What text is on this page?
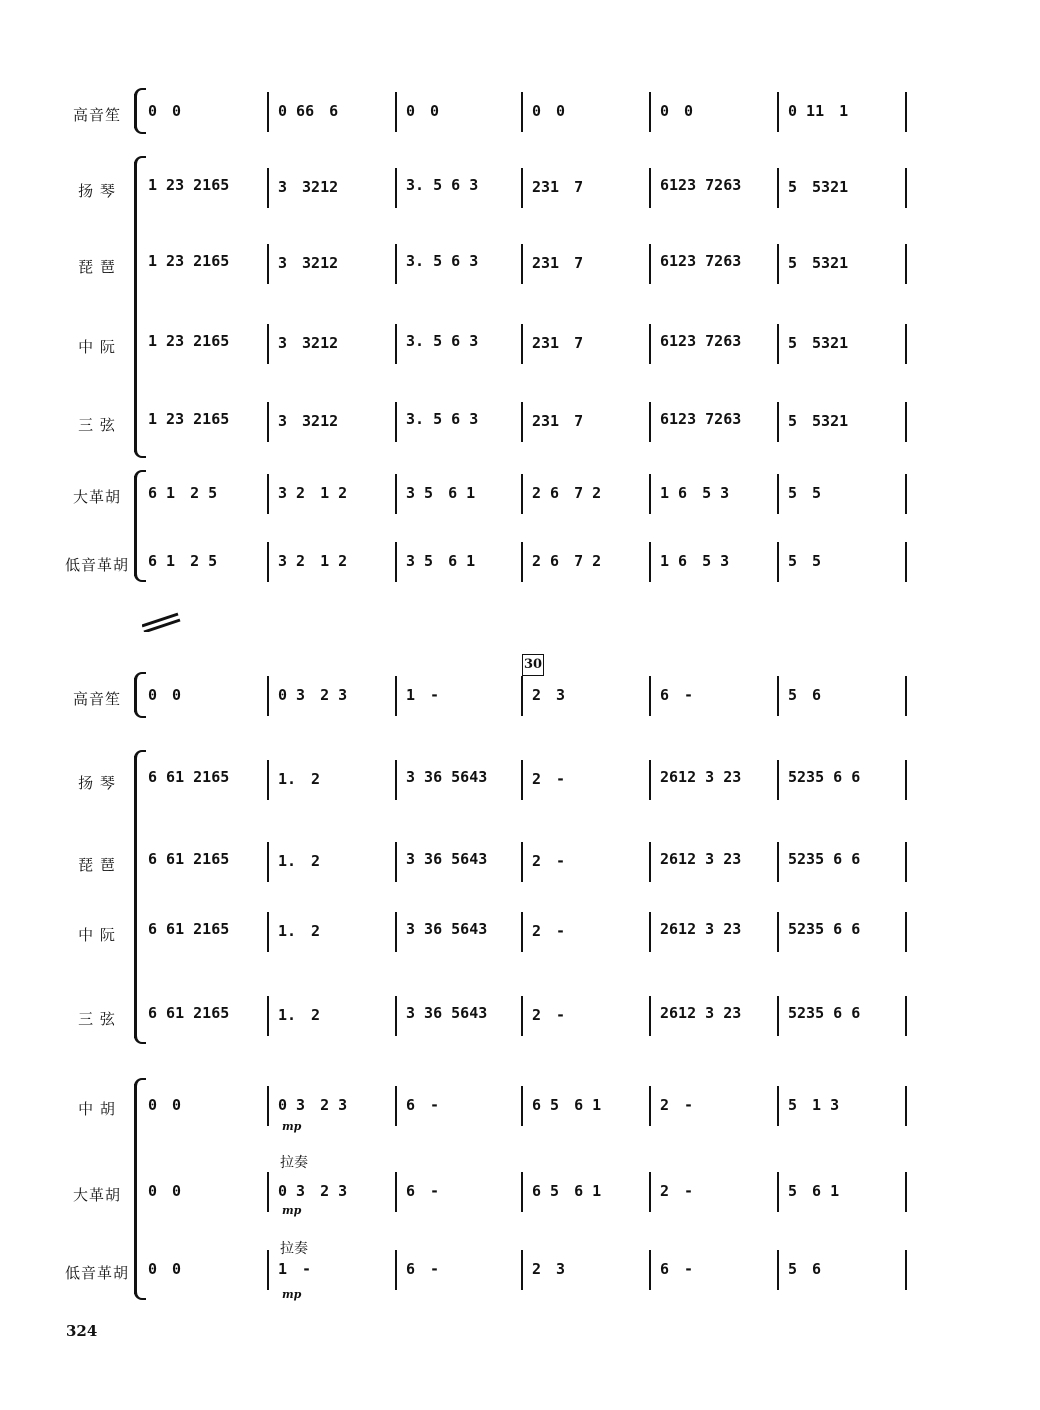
高音笙	0　0	0 66　6	0　0	0　0	0　0	0 11　1
扬 琴	1 23 2165	3　3212	3. 5 6 3	231　7	6123 7263	5　5321
琵 琶	1 23 2165	3　3212	3. 5 6 3	231　7	6123 7263	5　5321
中 阮	1 23 2165	3　3212	3. 5 6 3	231　7	6123 7263	5　5321
三 弦	1 23 2165	3　3212	3. 5 6 3	231　7	6123 7263	5　5321
大革胡	6 1　2 5	3 2　1 2	3 5　6 1	2 6　7 2	1 6　5 3	5　5
低音革胡 6 1　2 5	3 2　1 2	3 5　6 1	2 6　7 2	1 6　5 3	5　5
高音笙	0　0	0 3　2 3	1　-	2　3	6　-	5　6
扬 琴	6 61 2165	1.　2	3 36 5643	2　-	2612 3 23	5235 6 6
琵 琶	6 61 2165	1.　2	3 36 5643	2　-	2612 3 23	5235 6 6
中 阮	6 61 2165	1.　2	3 36 5643	2　-	2612 3 23	5235 6 6
三 弦	6 61 2165	1.　2	3 36 5643	2　-	2612 3 23	5235 6 6
中 胡	0　0	0 3　2 3	6　-	6 5　6 1	2　-	5　1 3
大革胡	0　0	0 3　2 3	6　-	6 5　6 1	2　-	5　6 1
低音革胡 0　0	1　-	6　-	2　3	6　-	5　6
30
拉奏
拉奏
mp
mp
mp
324
